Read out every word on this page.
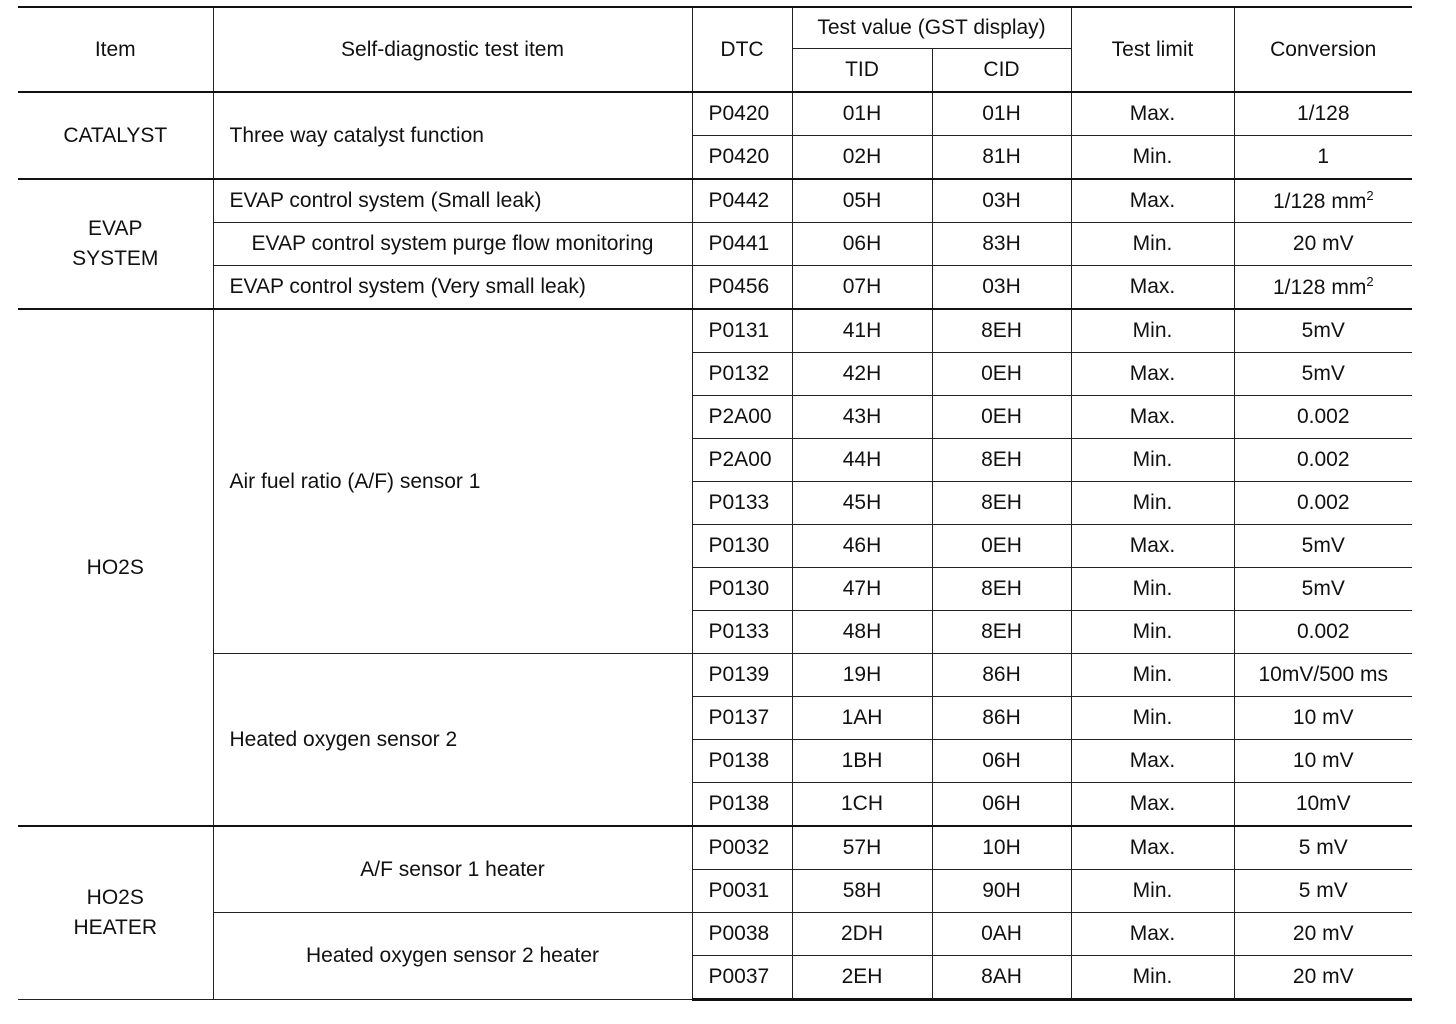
Item	Self-diagnostic test item	DTC	Test value (GST display)		Test limit	Conversion
			TID	CID		

CATALYST	Three way catalyst function	P0420	01H	01H	Max.	1/128
		P0420	02H	81H	Min.	1

EVAP
SYSTEM	EVAP control system (Small leak)	P0442	05H	03H	Max.	1/128 $mm^2$
	EVAP control system purge flow monitoring	P0441	06H	83H	Min.	20 mV
	EVAP control system (Very small leak)	P0456	07H	03H	Max.	1/128 $mm^2$

HO2S	Air fuel ratio (A/F) sensor 1	P0131	41H	8EH	Min.	5mV
		P0132	42H	0EH	Max.	5mV
		P2A00	43H	0EH	Max.	0.002
		P2A00	44H	8EH	Min.	0.002
		P0133	45H	8EH	Min.	0.002
		P0130	46H	0EH	Max.	5mV
		P0130	47H	8EH	Min.	5mV
		P0133	48H	8EH	Min.	0.002
	Heated oxygen sensor 2	P0139	19H	86H	Min.	10mV/500 ms
		P0137	1AH	86H	Min.	10 mV
		P0138	1BH	06H	Max.	10 mV
		P0138	1CH	06H	Max.	10mV

HO2S
HEATER	A/F sensor 1 heater	P0032	57H	10H	Max.	5 mV
		P0031	58H	90H	Min.	5 mV
	Heated oxygen sensor 2 heater	P0038	2DH	0AH	Max.	20 mV
		P0037	2EH	8AH	Min.	20 mV
